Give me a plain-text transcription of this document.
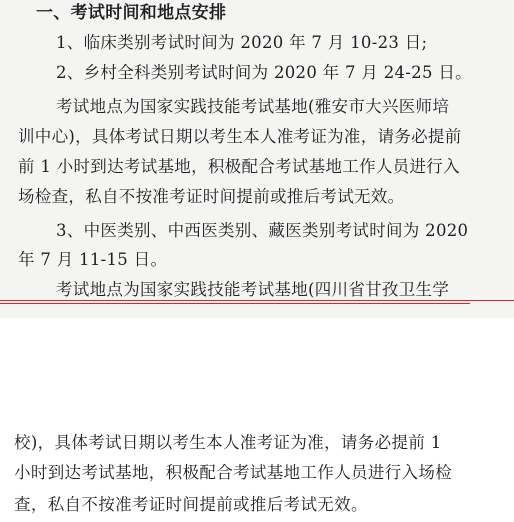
一、考试时间和地点安排
1、临床类别考试时间为 2020 年 7 月 10-23 日;
2、乡村全科类别考试时间为 2020 年 7 月 24-25 日。
考试地点为国家实践技能考试基地(雅安市大兴医师培
训中心)，具体考试日期以考生本人准考证为准，请务必提前
前 1 小时到达考试基地，积极配合考试基地工作人员进行入
场检查，私自不按准考证时间提前或推后考试无效。
3、中医类别、中西医类别、藏医类别考试时间为 2020
年 7 月 11-15 日。
考试地点为国家实践技能考试基地(四川省甘孜卫生学
校)，具体考试日期以考生本人准考证为准，请务必提前 1
小时到达考试基地，积极配合考试基地工作人员进行入场检
查，私自不按准考证时间提前或推后考试无效。
